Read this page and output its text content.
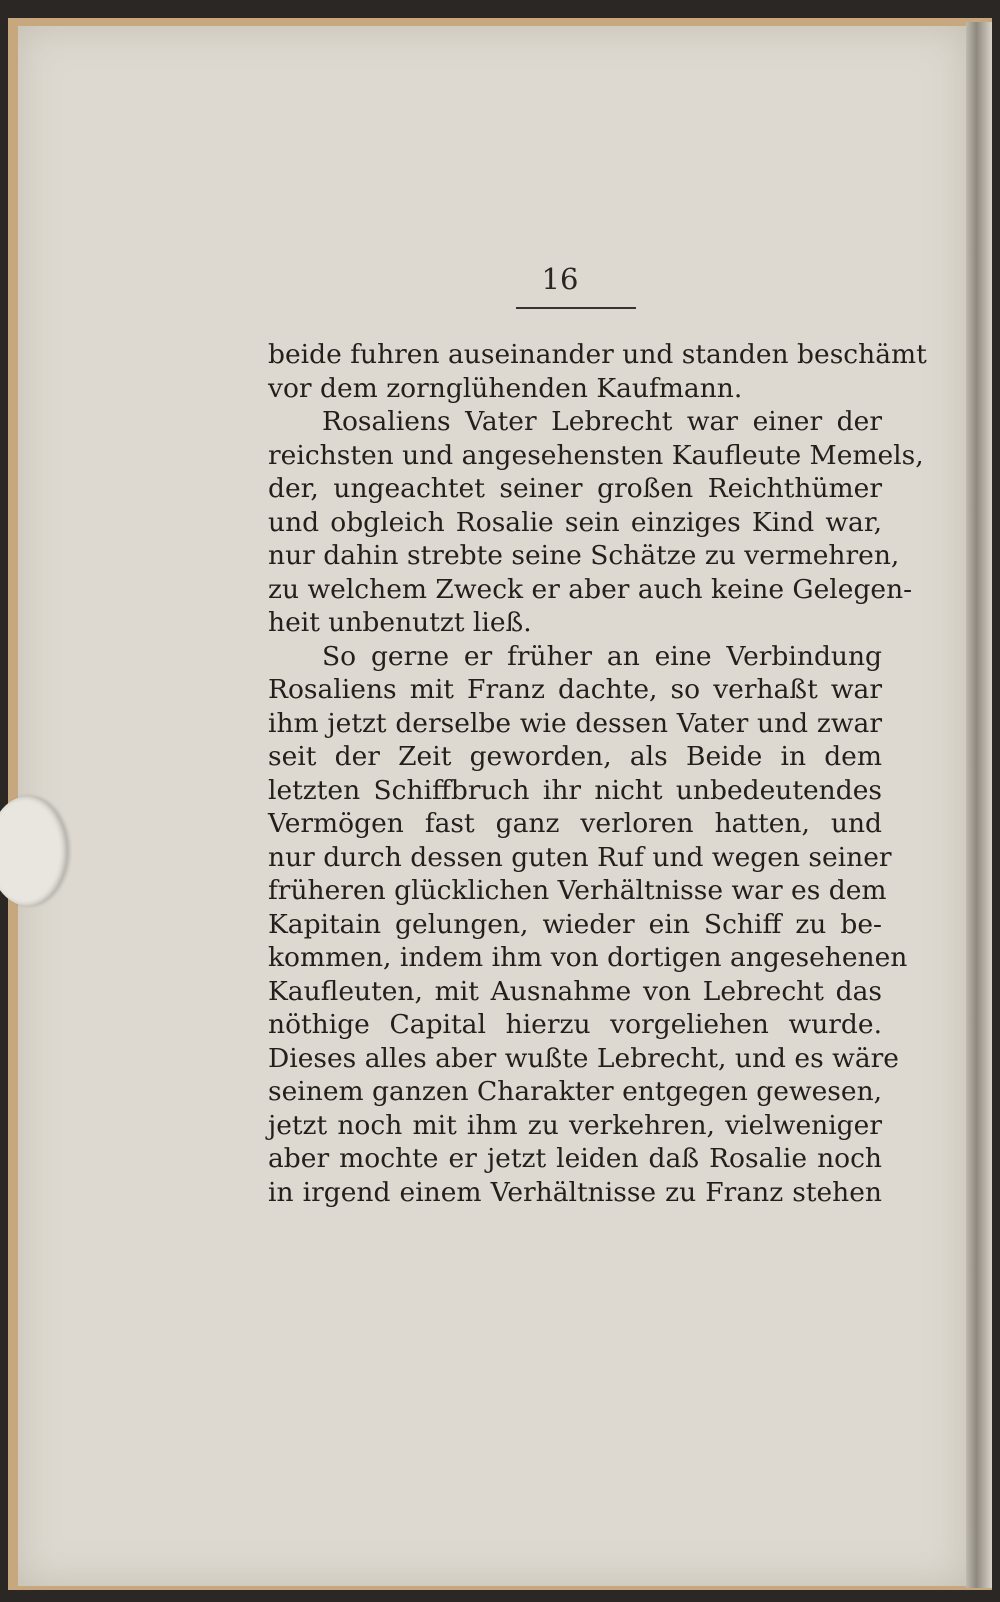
16
beide fuhren auseinander und standen beschämt
vor dem zornglühenden Kaufmann.
Rosaliens Vater Lebrecht war einer der
reichsten und angesehensten Kaufleute Memels,
der, ungeachtet seiner großen Reichthümer
und obgleich Rosalie sein einziges Kind war,
nur dahin strebte seine Schätze zu vermehren,
zu welchem Zweck er aber auch keine Gelegen-
heit unbenutzt ließ.
So gerne er früher an eine Verbindung
Rosaliens mit Franz dachte, so verhaßt war
ihm jetzt derselbe wie dessen Vater und zwar
seit der Zeit geworden, als Beide in dem
letzten Schiffbruch ihr nicht unbedeutendes
Vermögen fast ganz verloren hatten, und
nur durch dessen guten Ruf und wegen seiner
früheren glücklichen Verhältnisse war es dem
Kapitain gelungen, wieder ein Schiff zu be-
kommen, indem ihm von dortigen angesehenen
Kaufleuten, mit Ausnahme von Lebrecht das
nöthige Capital hierzu vorgeliehen wurde.
Dieses alles aber wußte Lebrecht, und es wäre
seinem ganzen Charakter entgegen gewesen,
jetzt noch mit ihm zu verkehren, vielweniger
aber mochte er jetzt leiden daß Rosalie noch
in irgend einem Verhältnisse zu Franz stehen
